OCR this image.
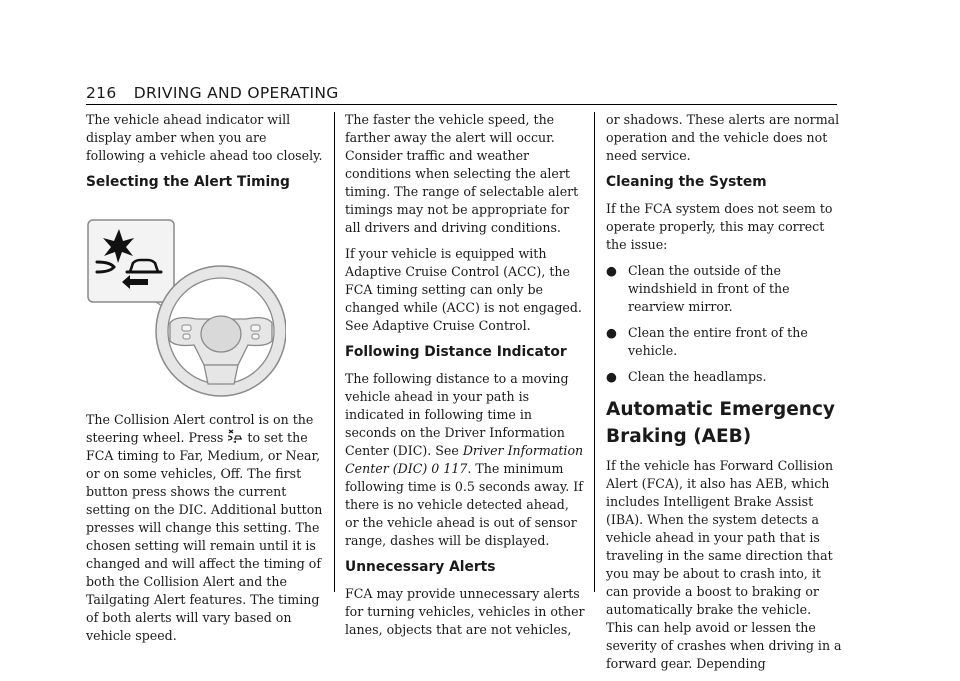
216 DRIVING AND OPERATING

The vehicle ahead indicator will display amber when you are following a vehicle ahead too closely.

Selecting the Alert Timing

The Collision Alert control is on the steering wheel. Press to set the FCA timing to Far, Medium, or Near, or on some vehicles, Off. The first button press shows the current setting on the DIC. Additional button presses will change this setting. The chosen setting will remain until it is changed and will affect the timing of both the Collision Alert and the Tailgating Alert features. The timing of both alerts will vary based on vehicle speed.

The faster the vehicle speed, the farther away the alert will occur. Consider traffic and weather conditions when selecting the alert timing. The range of selectable alert timings may not be appropriate for all drivers and driving conditions.

If your vehicle is equipped with Adaptive Cruise Control (ACC), the FCA timing setting can only be changed while (ACC) is not engaged. See Adaptive Cruise Control.

Following Distance Indicator

The following distance to a moving vehicle ahead in your path is indicated in following time in seconds on the Driver Information Center (DIC). See Driver Information Center (DIC) 0 117. The minimum following time is 0.5 seconds away. If there is no vehicle detected ahead, or the vehicle ahead is out of sensor range, dashes will be displayed.

Unnecessary Alerts

FCA may provide unnecessary alerts for turning vehicles, vehicles in other lanes, objects that are not vehicles,

or shadows. These alerts are normal operation and the vehicle does not need service.

Cleaning the System

If the FCA system does not seem to operate properly, this may correct the issue:

● Clean the outside of the windshield in front of the rearview mirror.
● Clean the entire front of the vehicle.
● Clean the headlamps.
Automatic Emergency Braking (AEB)

If the vehicle has Forward Collision Alert (FCA), it also has AEB, which includes Intelligent Brake Assist (IBA). When the system detects a vehicle ahead in your path that is traveling in the same direction that you may be about to crash into, it can provide a boost to braking or automatically brake the vehicle. This can help avoid or lessen the severity of crashes when driving in a forward gear. Depending
